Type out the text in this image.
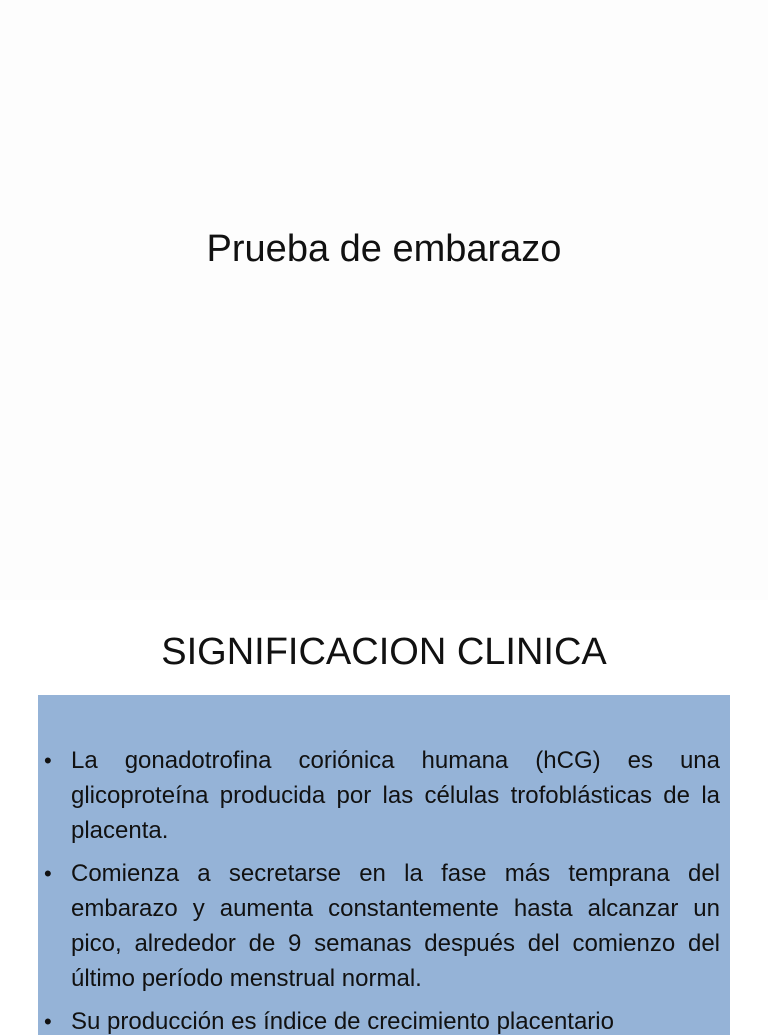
Prueba de embarazo
SIGNIFICACION CLINICA
• La gonadotrofina coriónica humana (hCG) es una glicoproteína producida por las células trofoblásticas de la placenta.
• Comienza a secretarse en la fase más temprana del embarazo y aumenta constantemente hasta alcanzar un pico, alrededor de 9 semanas después del comienzo del último período menstrual normal.
• Su producción es índice de crecimiento placentario
